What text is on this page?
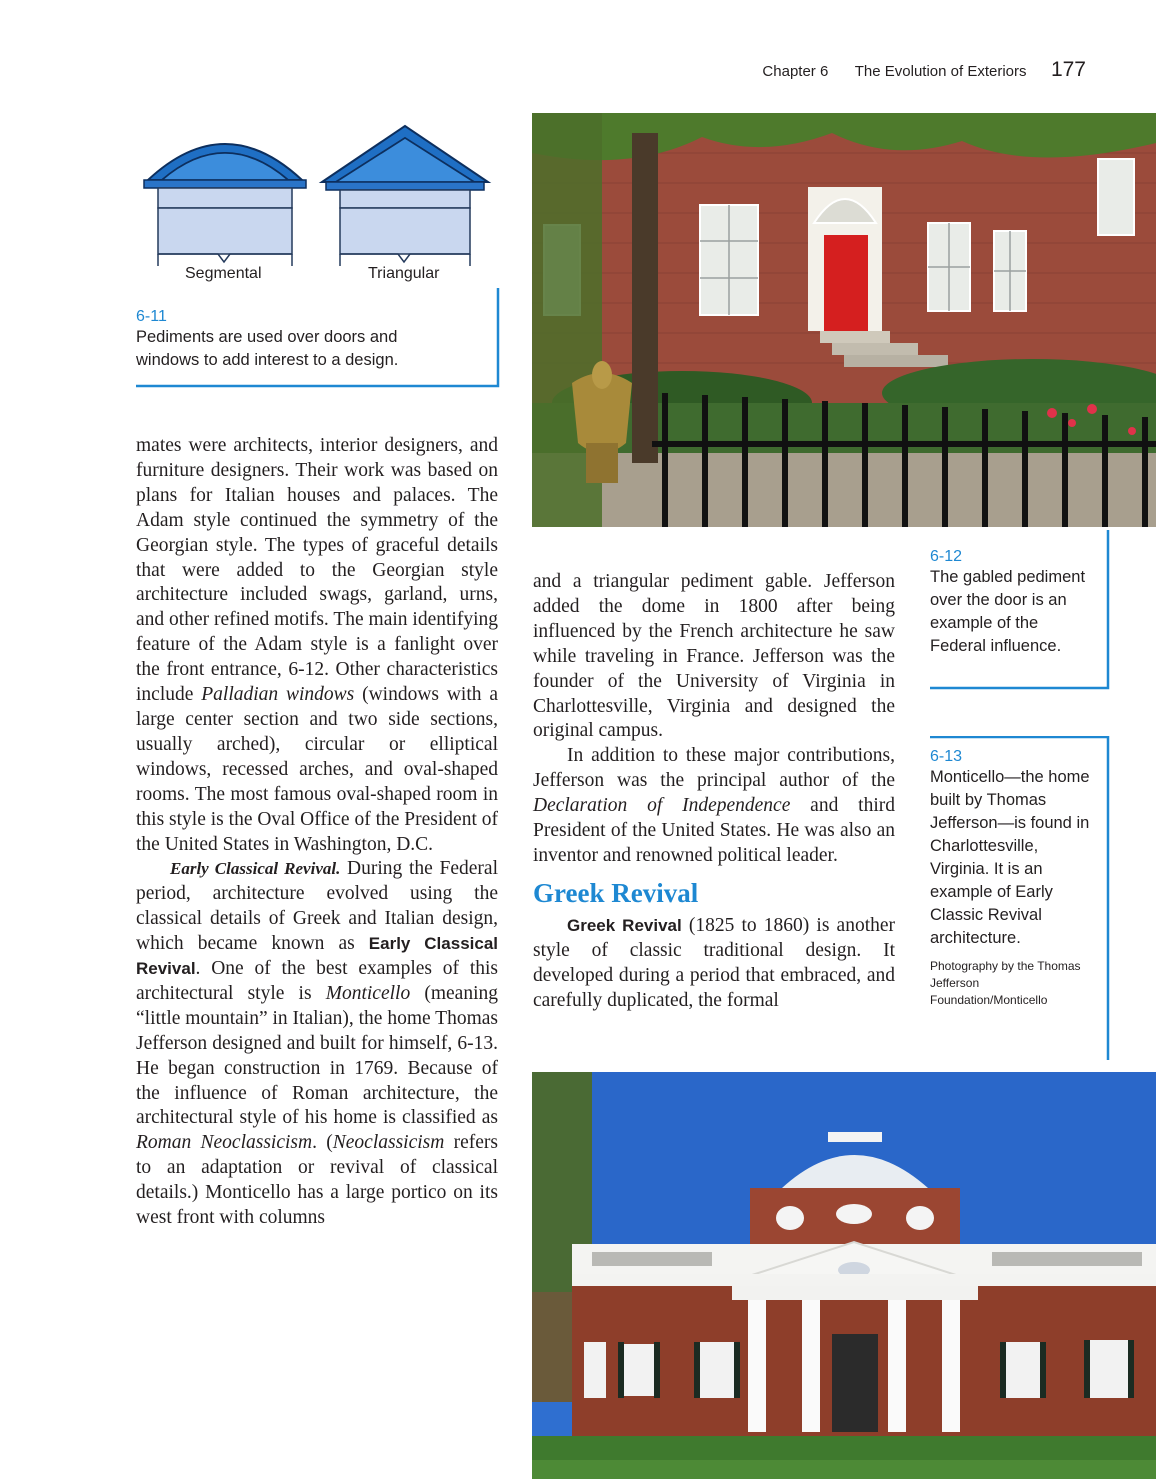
Chapter 6 The Evolution of Exteriors 177
Segmental	Triangular
6-11
Pediments are used over doors and windows to add interest to a design.
6-12
The gabled pediment over the door is an example of the Federal influence.
6-13
Monticello—the home built by Thomas Jefferson—is found in Charlottesville, Virginia. It is an example of Early Classic Revival architecture.
Photography by the Thomas Jefferson Foundation/Monticello

mates were architects, interior designers, and furniture designers. Their work was based on plans for Italian houses and palaces. The Adam style continued the symmetry of the Georgian style. The types of graceful details that were added to the Georgian style architecture included swags, garland, urns, and other refined motifs. The main identifying feature of the Adam style is a fanlight over the front entrance, 6-12. Other characteristics include Palladian windows (windows with a large center section and two side sections, usually arched), circular or elliptical windows, recessed arches, and oval-shaped rooms. The most famous oval-shaped room in this style is the Oval Office of the President of the United States in Washington, D.C.

Early Classical Revival. During the Federal period, architecture evolved using the classical details of Greek and Italian design, which became known as Early Classical Revival. One of the best examples of this architectural style is Monticello (meaning “little mountain” in Italian), the home Thomas Jefferson designed and built for himself, 6-13. He began construction in 1769. Because of the influence of Roman architecture, the architectural style of his home is classified as Roman Neoclassicism. (Neoclassicism refers to an adaptation or revival of classical details.) Monticello has a large portico on its west front with columns

and a triangular pediment gable. Jefferson added the dome in 1800 after being influenced by the French architecture he saw while traveling in France. Jefferson was the founder of the University of Virginia in Charlottesville, Virginia and designed the original campus.

In addition to these major contributions, Jefferson was the principal author of the Declaration of Independence and third President of the United States. He was also an inventor and renowned political leader.

Greek Revival

Greek Revival (1825 to 1860) is another style of classic traditional design. It developed during a period that embraced, and carefully duplicated, the formal
